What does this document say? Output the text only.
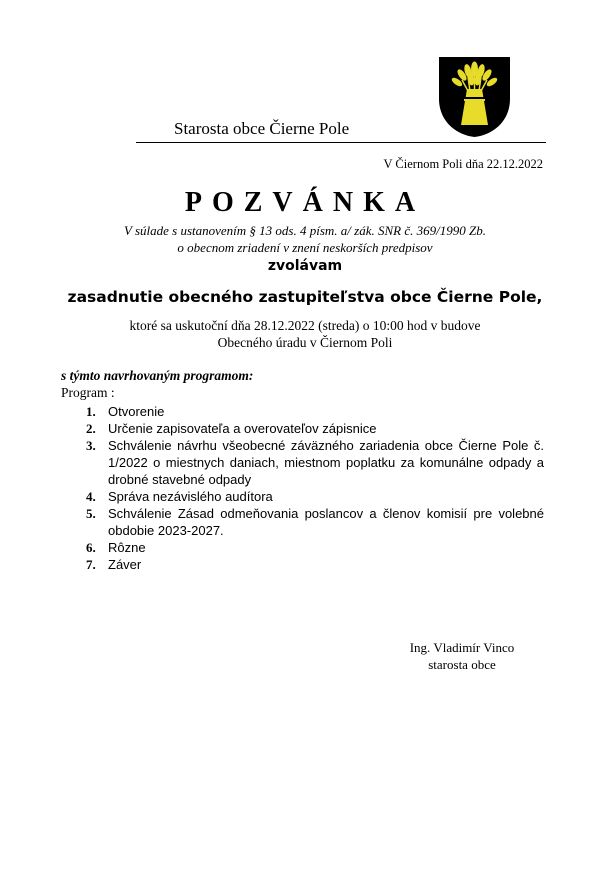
Starosta obce Čierne Pole
V Čiernom Poli dňa 22.12.2022
POZVÁNKA
V súlade s ustanovením § 13 ods. 4 písm. a/ zák. SNR č. 369/1990 Zb.
o obecnom zriadení v znení neskorších predpisov
zvolávam
zasadnutie obecného zastupiteľstva obce Čierne Pole,
ktoré sa uskutoční dňa 28.12.2022 (streda) o 10:00 hod v budove
Obecného úradu v Čiernom Poli
s týmto navrhovaným programom:
Program :
1. Otvorenie
2. Určenie zapisovateľa a overovateľov zápisnice
3. Schválenie návrhu všeobecné záväzného zariadenia obce Čierne Pole č. 1/2022 o miestnych daniach, miestnom poplatku za komunálne odpady a drobné stavebné odpady
4. Správa nezávislého audítora
5. Schválenie Zásad odmeňovania poslancov a členov komisií pre volebné obdobie 2023-2027.
6. Rôzne
7. Záver
Ing. Vladimír Vinco
starosta obce
